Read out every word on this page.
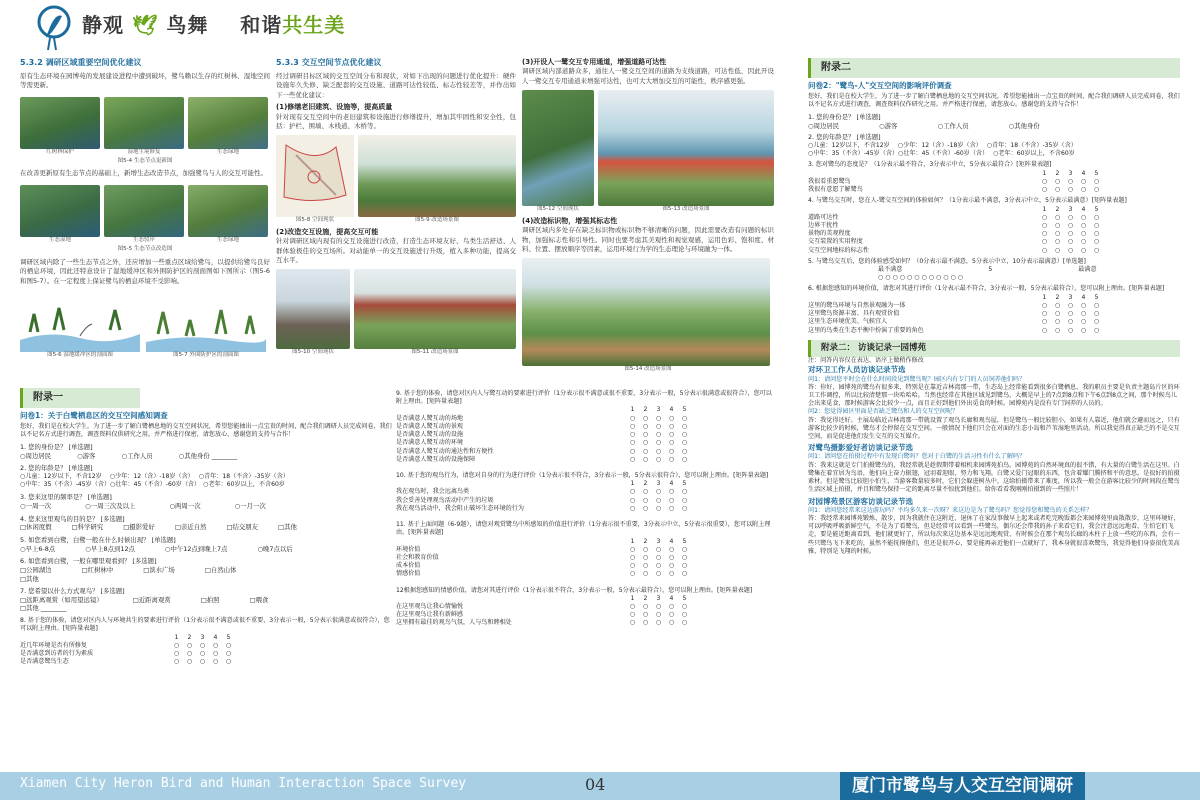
静观 🕊 鸟舞 和谐共生美
5.3.2 调研区域重要空间优化建议
原有生态环境在园博苑的发展建设进程中遭到破坏，鹭鸟赖以生存的红树林、湿地空间等需更新。
红树林保护	湿地生境修复	生态绿地
图5-4 生态节点更新图
在改善更新原有生态节点的基础上，新增生态改造节点，加强鹭鸟与人的交互可能性。
生态湿地	生态驳岸	生态绿地
图5-5 生态节点改造图
调研区域内除了一些生态节点之外，还应增加一些重点区域给鹭鸟，以提供给鹭鸟良好的栖息环境，因此还特意设计了湿地缓冲区和外围防护区的剖面图如下图所示（图5-6和图5-7）。在一定程度上保证鹭鸟的栖息环境不受影响。
图5-6 湿地缓冲区的剖面图	图5-7 外围防护区的剖面图
5.3.3 交互空间节点优化建议
经过调研目标区域的交互空间分布和现状，对如下出现的问题进行优化提升：硬件设施年久失修、缺乏配套的交互设施、道路可达性较低、标志性较差等，并作出如下一些优化建议：
(1)修缮老旧建筑、设施等，提高质量
针对现有交互空间中的老旧建筑和设施进行修缮提升，增加其牢固性和安全性，包括：护栏、围墙、木栈道、木桥等。
图5-8 空间现状	图5-9 改造场景图
(2)改造交互设施，提高交互可能
针对调研区域内现有的交互设施进行改造，打造生态环境友好、鸟类生活舒适、人群体验极佳的交互场所。对动能单一的交互设施进行升级，植入多种功能，提高交互水平。
图5-10 空间现状	图5-11 改造场景图
(3)开设人一鹭交互专用通道，增强道路可达性
调研区域内部道路众多，通往人一鹭交互空间的道路为支线道路，可达性低，因此开设人一鹭交互专用通道来增强可达性，也可大大增加交互的可能性，秩序感更强。
图5-12 空间现状	图5-13 改造场景图
(4)改造标识物，增强其标志性
调研区域内多处存在缺乏标识物或标识物不够清晰的问题，因此需要改造有问题的标识物，加强标志性和引导性。同时也要考虑其美观性和视觉观感，运用色彩、饱和度、材料、位置、摆放顺序等因素，运用环境行为学的生态理论与环境融为一体。
图5-14 改造场景图
附录一
问卷1：关于白鹭栖息区的交互空间感知调查
您好，我们是在校大学生，为了进一步了解白鹭栖息地的交互空间状况，希望您能抽出一点宝贵的时间，配合我们调研人员完成问卷，我们以不记名方式进行调查，调查资料仅供研究之用，并严格进行保密，请您放心，感谢您的支持与合作！
1. 您的身份是？ [单选题]
○周边居民	○游客	○工作人员	○其他身份 ________
2. 您的年龄是？ [单选题]
○儿童：12岁以下，不含12岁　 ○少年：12（含）-18岁（含）　 ○青年：18（不含）-35岁（含）
○中年：35（不含）-45岁（含）○壮年：45（不含）-60岁（含）　○老年：60岁以上，不含60岁
3. 您来这里的频率是？ [单选题]
○一周一次	○一周三次及以上	○两周一次	○一月一次
4. 您来这里观鸟的目的是？ [多选题]
□休闲度假	□科学研究	□摄影爱好	□亲近自然	□结交朋友	□其他
5. 如您看到白鹭，白鹭一般在什么时候出现？ [单选题]
○早上6-8点	○早上8点到12点	○中午12点到晚上7点	○晚7点以后
6. 如您看到白鹭，一般在哪里观看到？ [多选题]
□公园湖边	□红树林中	□滨水广场	□自然山体
□其他
7. 您希望以什么方式观鸟？ [多选题]
□远距离观赏（如用望远镜）	□近距离观赏	□拍照	□喂食
□其他 ________
8. 基于您的体验，请您对区内人与环境共生的要素进行评价（1分表示很不满意或很不重要，3分表示一般，5分表示很满意或很符合），您可以附上理由。[矩阵量表题]
1 2 3 4 5
近几年环境是否有所修复	○ ○ ○ ○ ○
是否满意到访者的行为素质	○ ○ ○ ○ ○
是否满意鹭鸟生态	○ ○ ○ ○ ○
9. 基于您的体验，请您对区内人与鹭互动的要素进行评价（1分表示很不满意或很不重要，3分表示一般，5分表示很满意或很符合），您可以附上理由。[矩阵量表题]
1 2 3 4 5
是否满意人鹭互动的场地	○ ○ ○ ○ ○
是否满意人鹭互动的景观	○ ○ ○ ○ ○
是否满意人鹭互动的设施	○ ○ ○ ○ ○
是否满意人鹭互动的环境	○ ○ ○ ○ ○
是否满意人鹭互动的通达性和方便性	○ ○ ○ ○ ○
是否满意人鹭互动的设施保障	○ ○ ○ ○ ○
10. 基于您的观鸟行为，请您对自身的行为进行评价（1分表示很不符合，3分表示一般，5分表示很符合），您可以附上理由。[矩阵量表题]
1 2 3 4 5
我在观鸟时，我会远离鸟类	○ ○ ○ ○ ○
我会妥善处理观鸟活动中产生的垃圾	○ ○ ○ ○ ○
我在观鸟活动中，我会阻止破坏生态环境的行为	○ ○ ○ ○ ○
11. 基于上面问题（6-9题），请您对观赏鹭鸟中所感知的价值进行评价（1分表示很不重要，3分表示中立，5分表示很重要），您可以附上理由。[矩阵量表题]
1 2 3 4 5
环境价值	○ ○ ○ ○ ○
社会和教育价值	○ ○ ○ ○ ○
成本价值	○ ○ ○ ○ ○
情感价值	○ ○ ○ ○ ○
12根据您感知的情感价值，请您对其进行评价（1分表示很不符合，3分表示一般，5分表示最符合），您可以附上理由。[矩阵量表题]
1 2 3 4 5
在这里观鸟让我心情愉悦	○ ○ ○ ○ ○
在这里观鸟让我有新鲜感	○ ○ ○ ○ ○
这里拥有最佳的观鸟气氛，人与鸟和睦相处	○ ○ ○ ○ ○
附录二
问卷2："鹭鸟-人"交互空间的影响评价调查
您好，我们是在校大学生，为了进一步了解白鹭栖息地的交互空间状况，希望您能抽出一点宝贵的时间，配合我们调研人员完成问卷，我们以不记名方式进行调查，调查资料仅作研究之用。并严格进行保密，请您放心。感谢您的支持与合作！
1. 您的身份是？ [单选题]
○周边居民	○游客	○工作人员	○其他身份
2. 您的年龄是？ [单选题]
○儿童：12岁以下，不含12岁　 ○少年：12（含）-18岁（含）　 ○青年：18（不含）-35岁（含）
○中年：35（不含）-45岁（含）○壮年：45（不含）-60岁（含）　 ○老年：60岁以上，不含60岁
3. 您对鹭鸟的态度是？（1分表示最不符合，3分表示中立，5分表示最符合）[矩阵量表题]
1 2 3 4 5
我很看重愿鹭鸟	○ ○ ○ ○ ○
我很有意愿了解鹭鸟	○ ○ ○ ○ ○
4. 与鹭鸟交互时，您在人-鹭交互空间的体验如何？（1分表示最不满意，3分表示中立，5分表示最满意）[矩阵量表题]
1 2 3 4 5
道路可达性	○ ○ ○ ○ ○
边界干扰性	○ ○ ○ ○ ○
景物的美观程度	○ ○ ○ ○ ○
交互装置的实用程度	○ ○ ○ ○ ○
交互空间地标的标志性	○ ○ ○ ○ ○
5. 与鹭鸟交互后，您的体验感受如何？（0分表示最不满意，5分表示中立，10分表示最满意）[单选题]
最不满意	5	最满意
○ ○ ○ ○ ○ ○ ○ ○ ○ ○ ○ ○
6. 根据您感知的环境价值，请您对其进行评价（1分表示最不符合，3分表示一般，5分表示最符合），您可以附上理由。[矩阵量表题]
1 2 3 4 5
这里的鹭鸟环境与自然景观融为一体	○ ○ ○ ○ ○
这里鹭鸟资源丰富、具有观赏价值	○ ○ ○ ○ ○
这里生态环境优美、气候宜人	○ ○ ○ ○ ○
这里的鸟类在生态平衡中扮演了重要的角色	○ ○ ○ ○ ○
附录二： 访谈记录一园博苑
注：问答内容仅在表达、语序上做稍作修改
对环卫工作人员访谈记录节选
问1：请问您平时会在什么时间段见到鹭鸟呢？园区内有专门的人员饲养他们吗？
答：你好，园博苑的鹭鸟有很多来，特别是在靠近吉林湾那一带，生态岛上经常能看到很多白鹭栖息，我的职员主要是负责主题岛片区的环卫工作调控，所以比较清楚那一块哈哈哈。当然也经常在其他区域见到鹭鸟，大概是早上的7点到8点和下午6点到8点之间，那个时候鸟儿会出来觅食，那时候游客会比较少一点，而且正好到他们外出觅食的时候。园博苑内是没有专门饲养的人员的。
问2：您觉得园区里面是否缺乏鹭鸟和人的交互空间呢？
答：我觉得还好。主展岛临近吉林湾那一带就设置了观鸟长廊和观鸟屋，但是鹭鸟一般比较胆小，如果有人靠近，他们就会避而远之，只有游客比较少的时候，鹭鸟才会停留在交互空间。一般情况下他们只会在对面的生态小岛和芦苇湿地里活动。所以我觉得真正缺乏的不是交互空间，而是促进他们发生交互的交互媒介。
对鹭鸟摄影爱好者访谈记录节选
问1：请问您在拍摄过程中有发现白鹭吗？您对于白鹭的生活习性有什么了解吗？
答：我来这就是专门拍摄鹭鸟的，我经常就是趁假期带着相机来园博苑拍鸟。园博苑的自然环境真的很不错，有大量的白鹭生活在这里。白鹭集在着宜居为鸟语，他们向上奋力振翅，冠羽着迎眼，努力和飞翔。白鹭又爱门冠眼的东西，包含着耀门腾挤和平的意思。是很好的拍摄素材。但是鹭鸟比较胆小怕生，当游客数量较多时，它们会躲进树丛中，这给拍摄带来了难度，所以我一般会在游客比较少的时间段在鹭鸟生活区域上拍摄，并且和鹭鸟保持一定的距离尽量不惊扰到他们。给你看看我刚刚拍摄到的一些照片！
对园博苑景区游客访谈记录节选
问1：请问您经常来这边游玩吗？平均多久来一次呀？来这边是为了鹭鸟吗？您觉得您和鹭鸟的关系怎样？
答：我经常来园博苑锻炼、散步，因为我就住在这附近，退休了在家没事做早上起来或者吃完晚饭都会来园博苑里面散散步，这里环境好，可以呼吸呼吸新鲜空气，不是为了看鹭鸟，但是经常可以看到一些鹭鸟，偶尔还会带我的孙子来看它们，我会注意远远地看，生怕它们飞走，要是能近距离看到，他们就更好了，所以每次来这边基本是远远地观赏，有时候会在那个观鸟长廊的木柱子上放一些吃的东西，会有一些只鹭鸟飞下来吃的，虽然不能抚摸他们，但还是很开心，要是能再亲近他们一点就好了，我本身就很喜欢鹭鸟，我觉得他们身姿很优美高雅，特别是飞翔的时候。
Xiamen City Heron Bird and Human Interaction Space Survey	04	厦门市鹭鸟与人交互空间调研
